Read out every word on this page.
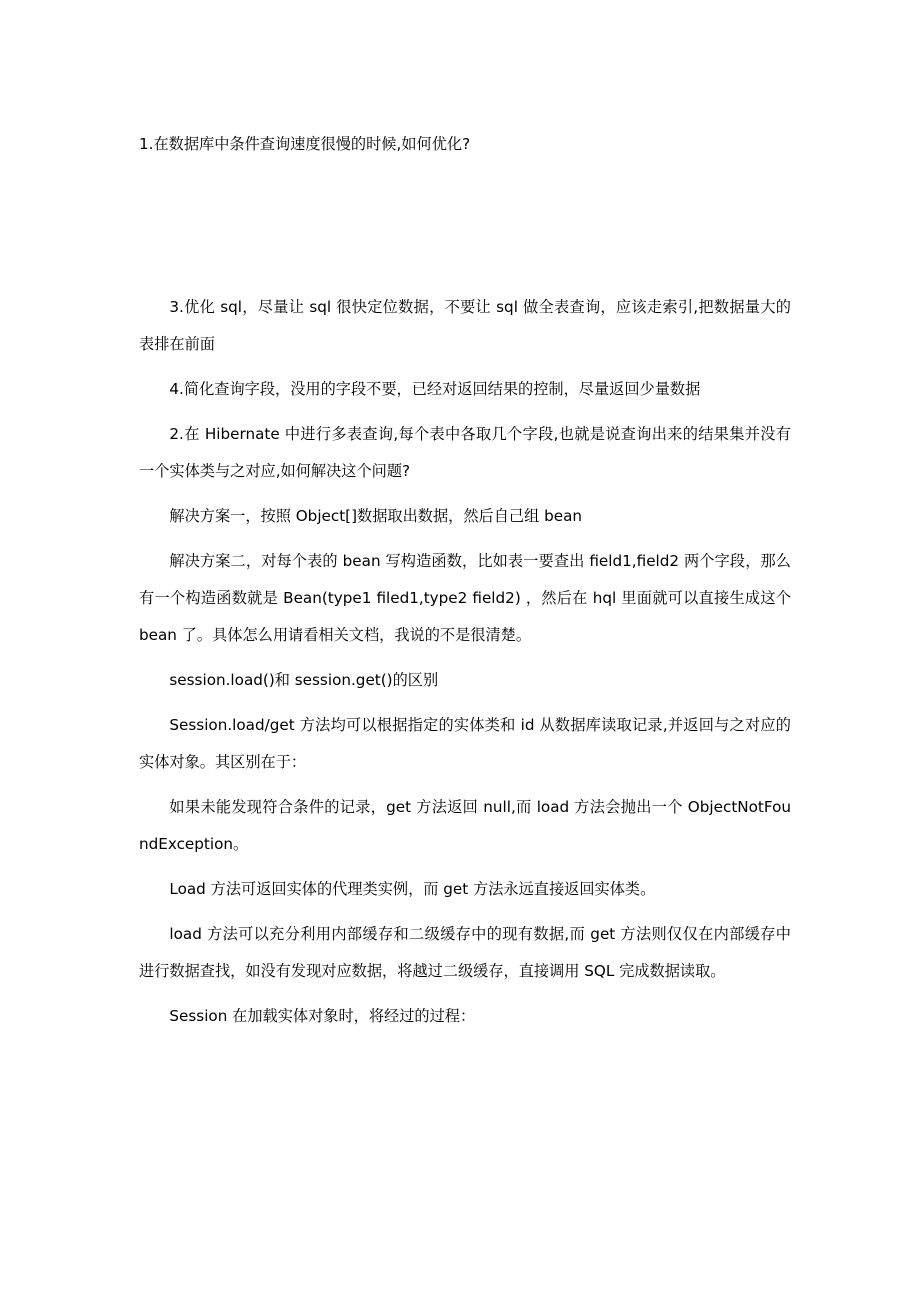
1.在数据库中条件查询速度很慢的时候,如何优化?

3.优化 sql，尽量让 sql 很快定位数据，不要让 sql 做全表查询，应该走索引,把数据量大的表排在前面

4.简化查询字段，没用的字段不要，已经对返回结果的控制，尽量返回少量数据

2.在 Hibernate 中进行多表查询,每个表中各取几个字段,也就是说查询出来的结果集并没有一个实体类与之对应,如何解决这个问题?

解决方案一，按照 Object[]数据取出数据，然后自己组 bean

解决方案二，对每个表的 bean 写构造函数，比如表一要查出 field1,field2 两个字段，那么有一个构造函数就是 Bean(type1 filed1,type2 field2) ，然后在 hql 里面就可以直接生成这个 bean 了。具体怎么用请看相关文档，我说的不是很清楚。

session.load()和 session.get()的区别

Session.load/get 方法均可以根据指定的实体类和 id 从数据库读取记录,并返回与之对应的实体对象。其区别在于：

如果未能发现符合条件的记录，get 方法返回 null,而 load 方法会抛出一个 ObjectNotFoundException。

Load 方法可返回实体的代理类实例，而 get 方法永远直接返回实体类。

load 方法可以充分利用内部缓存和二级缓存中的现有数据,而 get 方法则仅仅在内部缓存中进行数据查找，如没有发现对应数据，将越过二级缓存，直接调用 SQL 完成数据读取。

Session 在加载实体对象时，将经过的过程：
